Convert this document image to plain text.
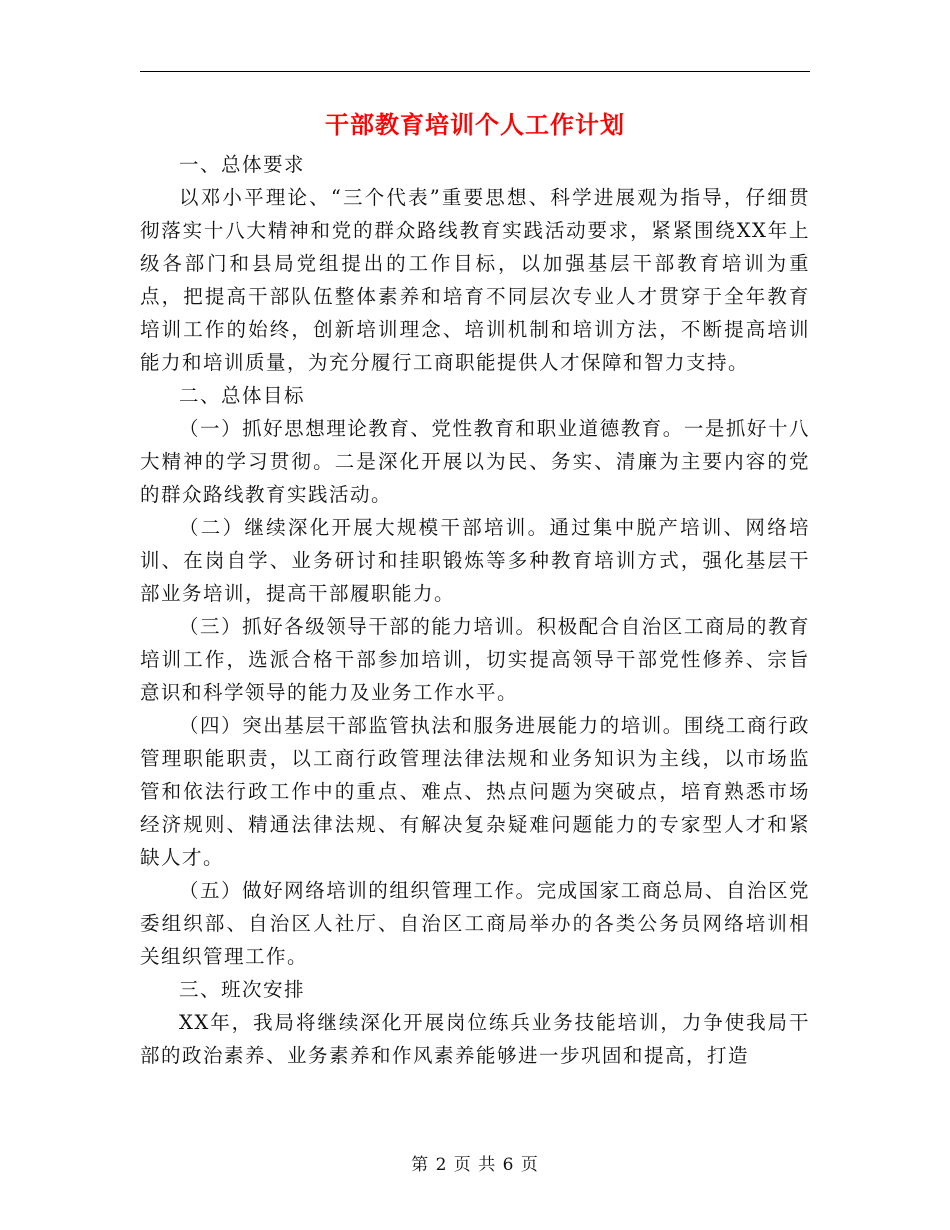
干部教育培训个人工作计划

一、总体要求

以邓小平理论、“三个代表”重要思想、科学进展观为指导，仔细贯彻落实十八大精神和党的群众路线教育实践活动要求，紧紧围绕XX年上级各部门和县局党组提出的工作目标，以加强基层干部教育培训为重点，把提高干部队伍整体素养和培育不同层次专业人才贯穿于全年教育培训工作的始终，创新培训理念、培训机制和培训方法，不断提高培训能力和培训质量，为充分履行工商职能提供人才保障和智力支持。

二、总体目标

（一）抓好思想理论教育、党性教育和职业道德教育。一是抓好十八大精神的学习贯彻。二是深化开展以为民、务实、清廉为主要内容的党的群众路线教育实践活动。

（二）继续深化开展大规模干部培训。通过集中脱产培训、网络培训、在岗自学、业务研讨和挂职锻炼等多种教育培训方式，强化基层干部业务培训，提高干部履职能力。

（三）抓好各级领导干部的能力培训。积极配合自治区工商局的教育培训工作，选派合格干部参加培训，切实提高领导干部党性修养、宗旨意识和科学领导的能力及业务工作水平。

（四）突出基层干部监管执法和服务进展能力的培训。围绕工商行政管理职能职责，以工商行政管理法律法规和业务知识为主线，以市场监管和依法行政工作中的重点、难点、热点问题为突破点，培育熟悉市场经济规则、精通法律法规、有解决复杂疑难问题能力的专家型人才和紧缺人才。

（五）做好网络培训的组织管理工作。完成国家工商总局、自治区党委组织部、自治区人社厅、自治区工商局举办的各类公务员网络培训相关组织管理工作。

三、班次安排

XX年，我局将继续深化开展岗位练兵业务技能培训，力争使我局干部的政治素养、业务素养和作风素养能够进一步巩固和提高，打造

第 2 页 共 6 页
